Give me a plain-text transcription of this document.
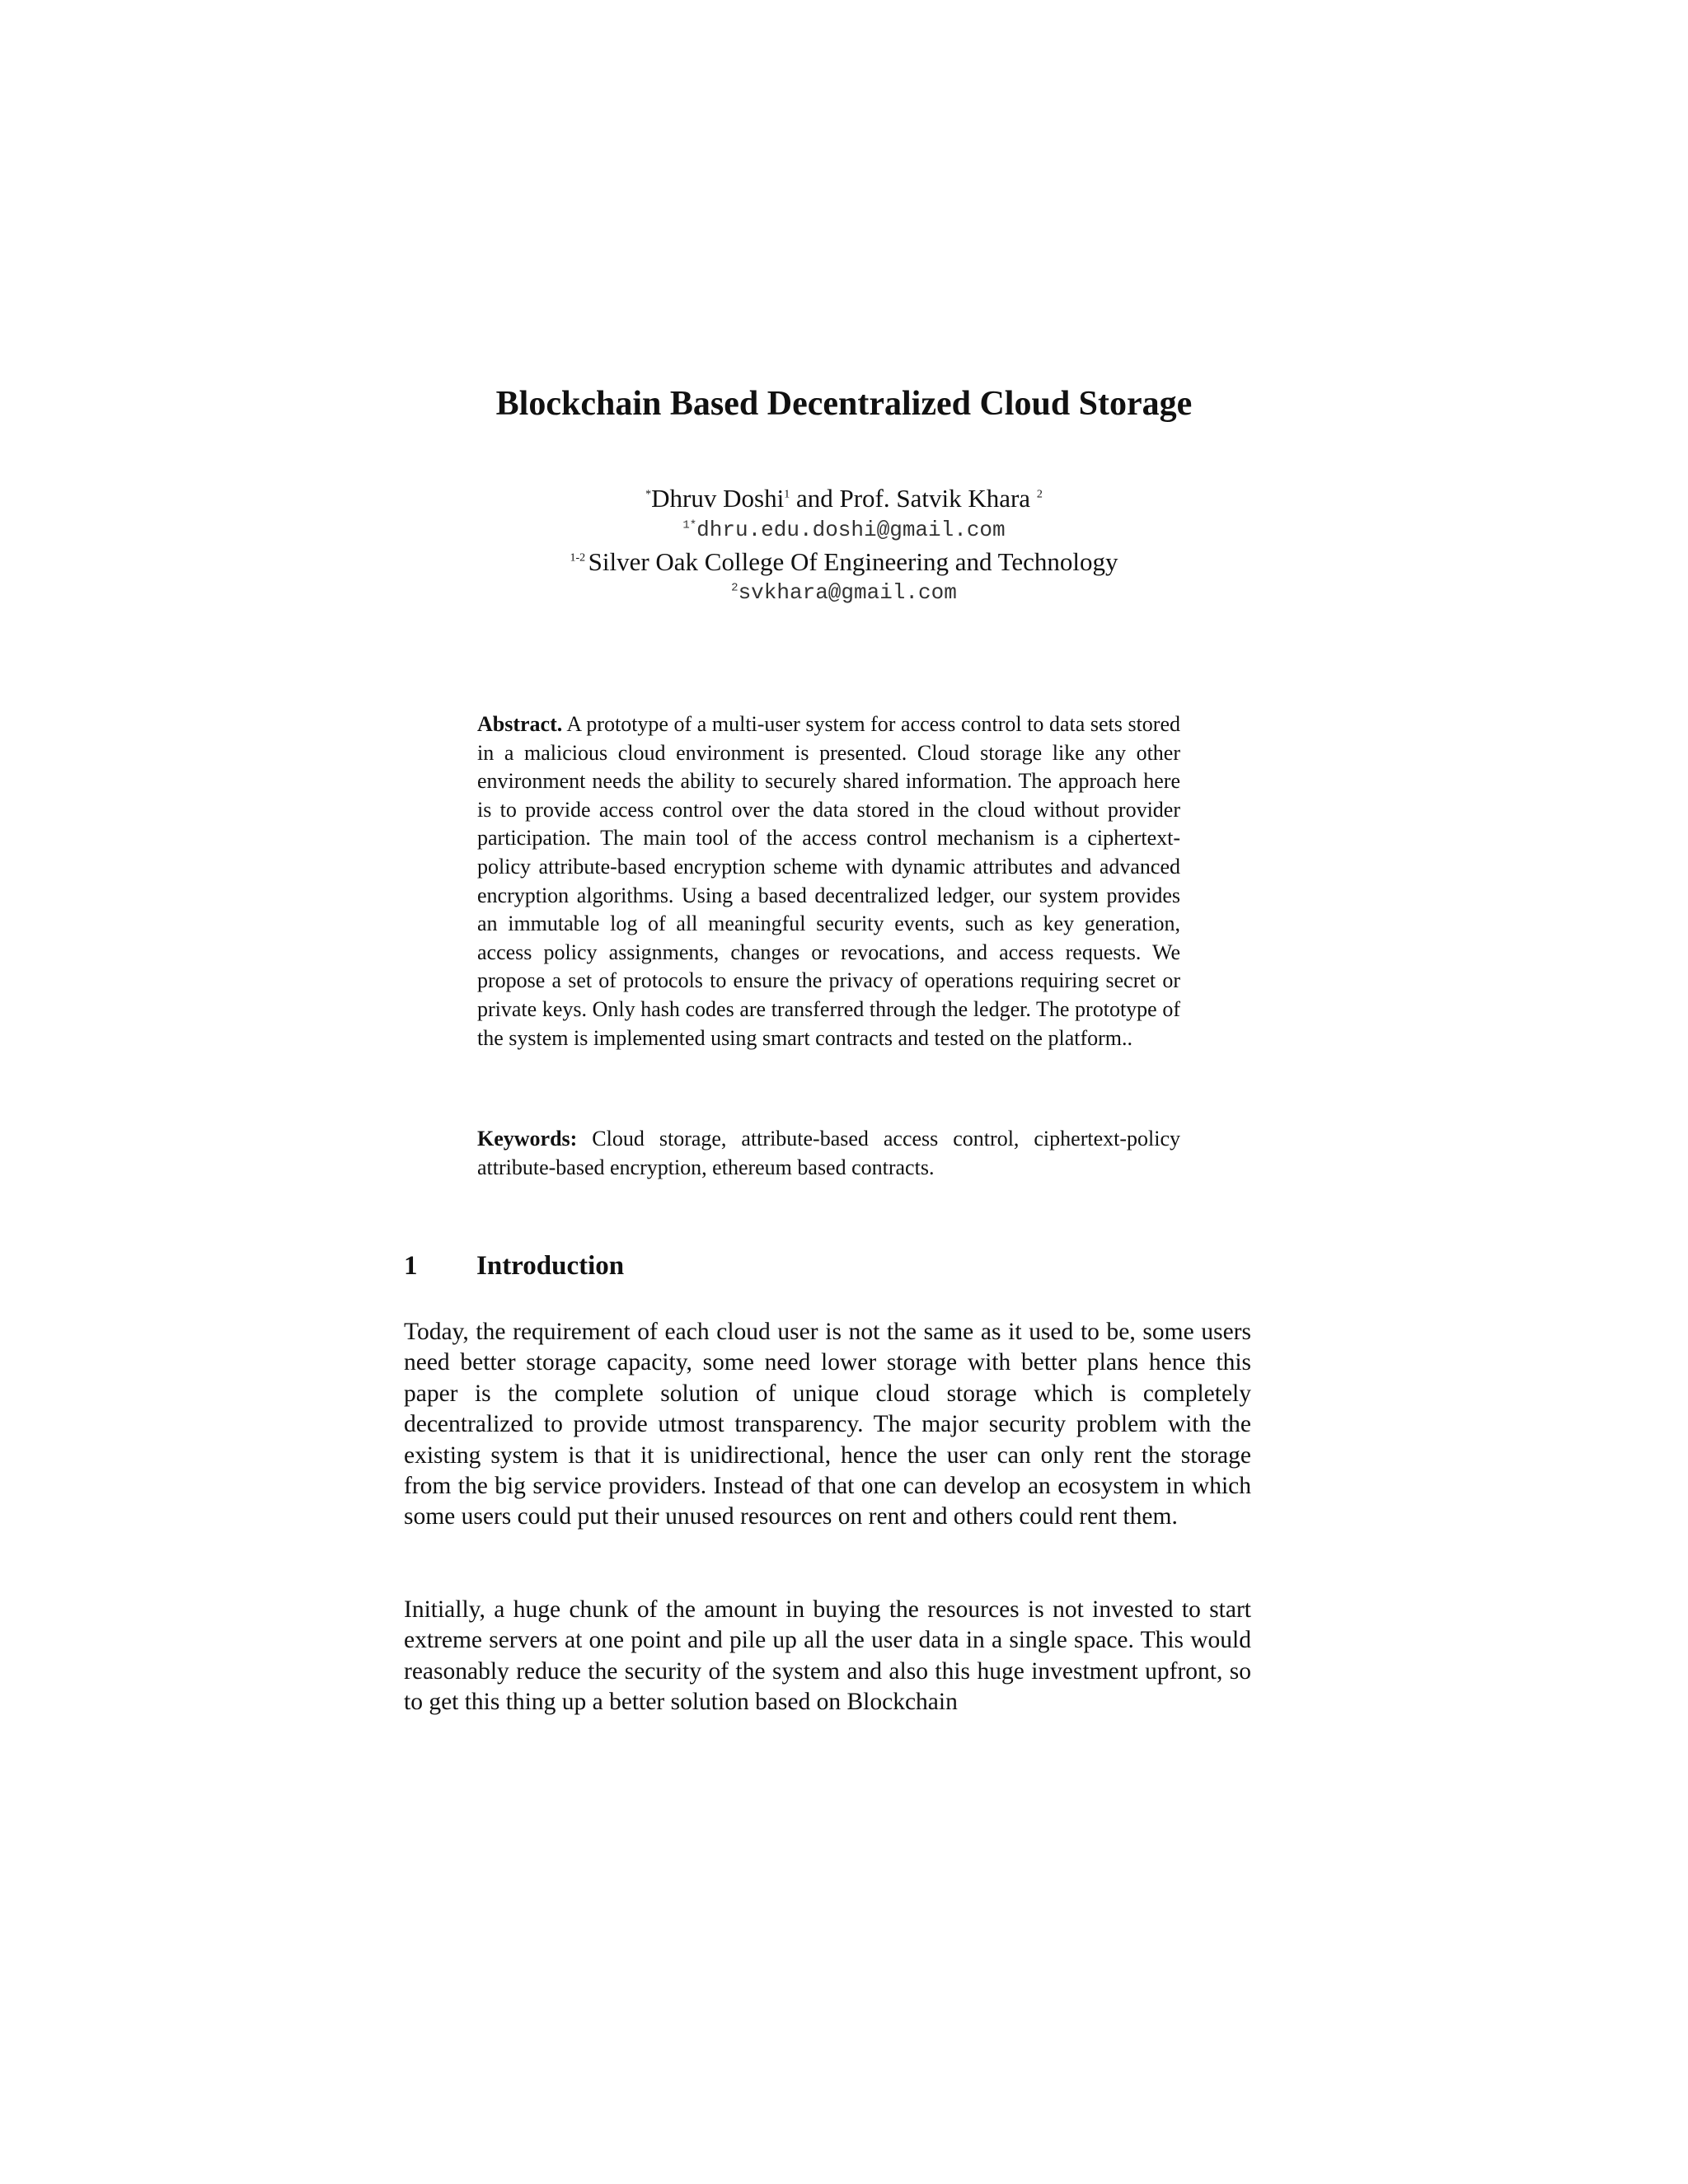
Blockchain Based Decentralized Cloud Storage
*Dhruv Doshi$^1$ and Prof. Satvik Khara $^2$
$^{1*}$dhru.edu.doshi@gmail.com
$^{1-2}$ Silver Oak College Of Engineering and Technology
$^2$svkhara@gmail.com
Abstract. A prototype of a multi-user system for access control to data sets stored in a malicious cloud environment is presented. Cloud storage like any other environment needs the ability to securely shared information. The approach here is to provide access control over the data stored in the cloud without provider participation. The main tool of the access control mechanism is a ciphertext-policy attribute-based encryption scheme with dynamic attributes and advanced encryption algorithms. Using a based decentralized ledger, our system provides an immutable log of all meaningful security events, such as key generation, access policy assignments, changes or revocations, and access requests. We propose a set of protocols to ensure the privacy of operations requiring secret or private keys. Only hash codes are transferred through the ledger. The prototype of the system is implemented using smart contracts and tested on the platform..
Keywords: Cloud storage, attribute-based access control, ciphertext-policy attribute-based encryption, ethereum based contracts.
1 Introduction
Today, the requirement of each cloud user is not the same as it used to be, some users need better storage capacity, some need lower storage with better plans hence this paper is the complete solution of unique cloud storage which is completely decentralized to provide utmost transparency. The major security problem with the existing system is that it is unidirectional, hence the user can only rent the storage from the big service providers. Instead of that one can develop an ecosystem in which some users could put their unused resources on rent and others could rent them.
Initially, a huge chunk of the amount in buying the resources is not invested to start extreme servers at one point and pile up all the user data in a single space. This would reasonably reduce the security of the system and also this huge investment upfront, so to get this thing up a better solution based on Blockchain
